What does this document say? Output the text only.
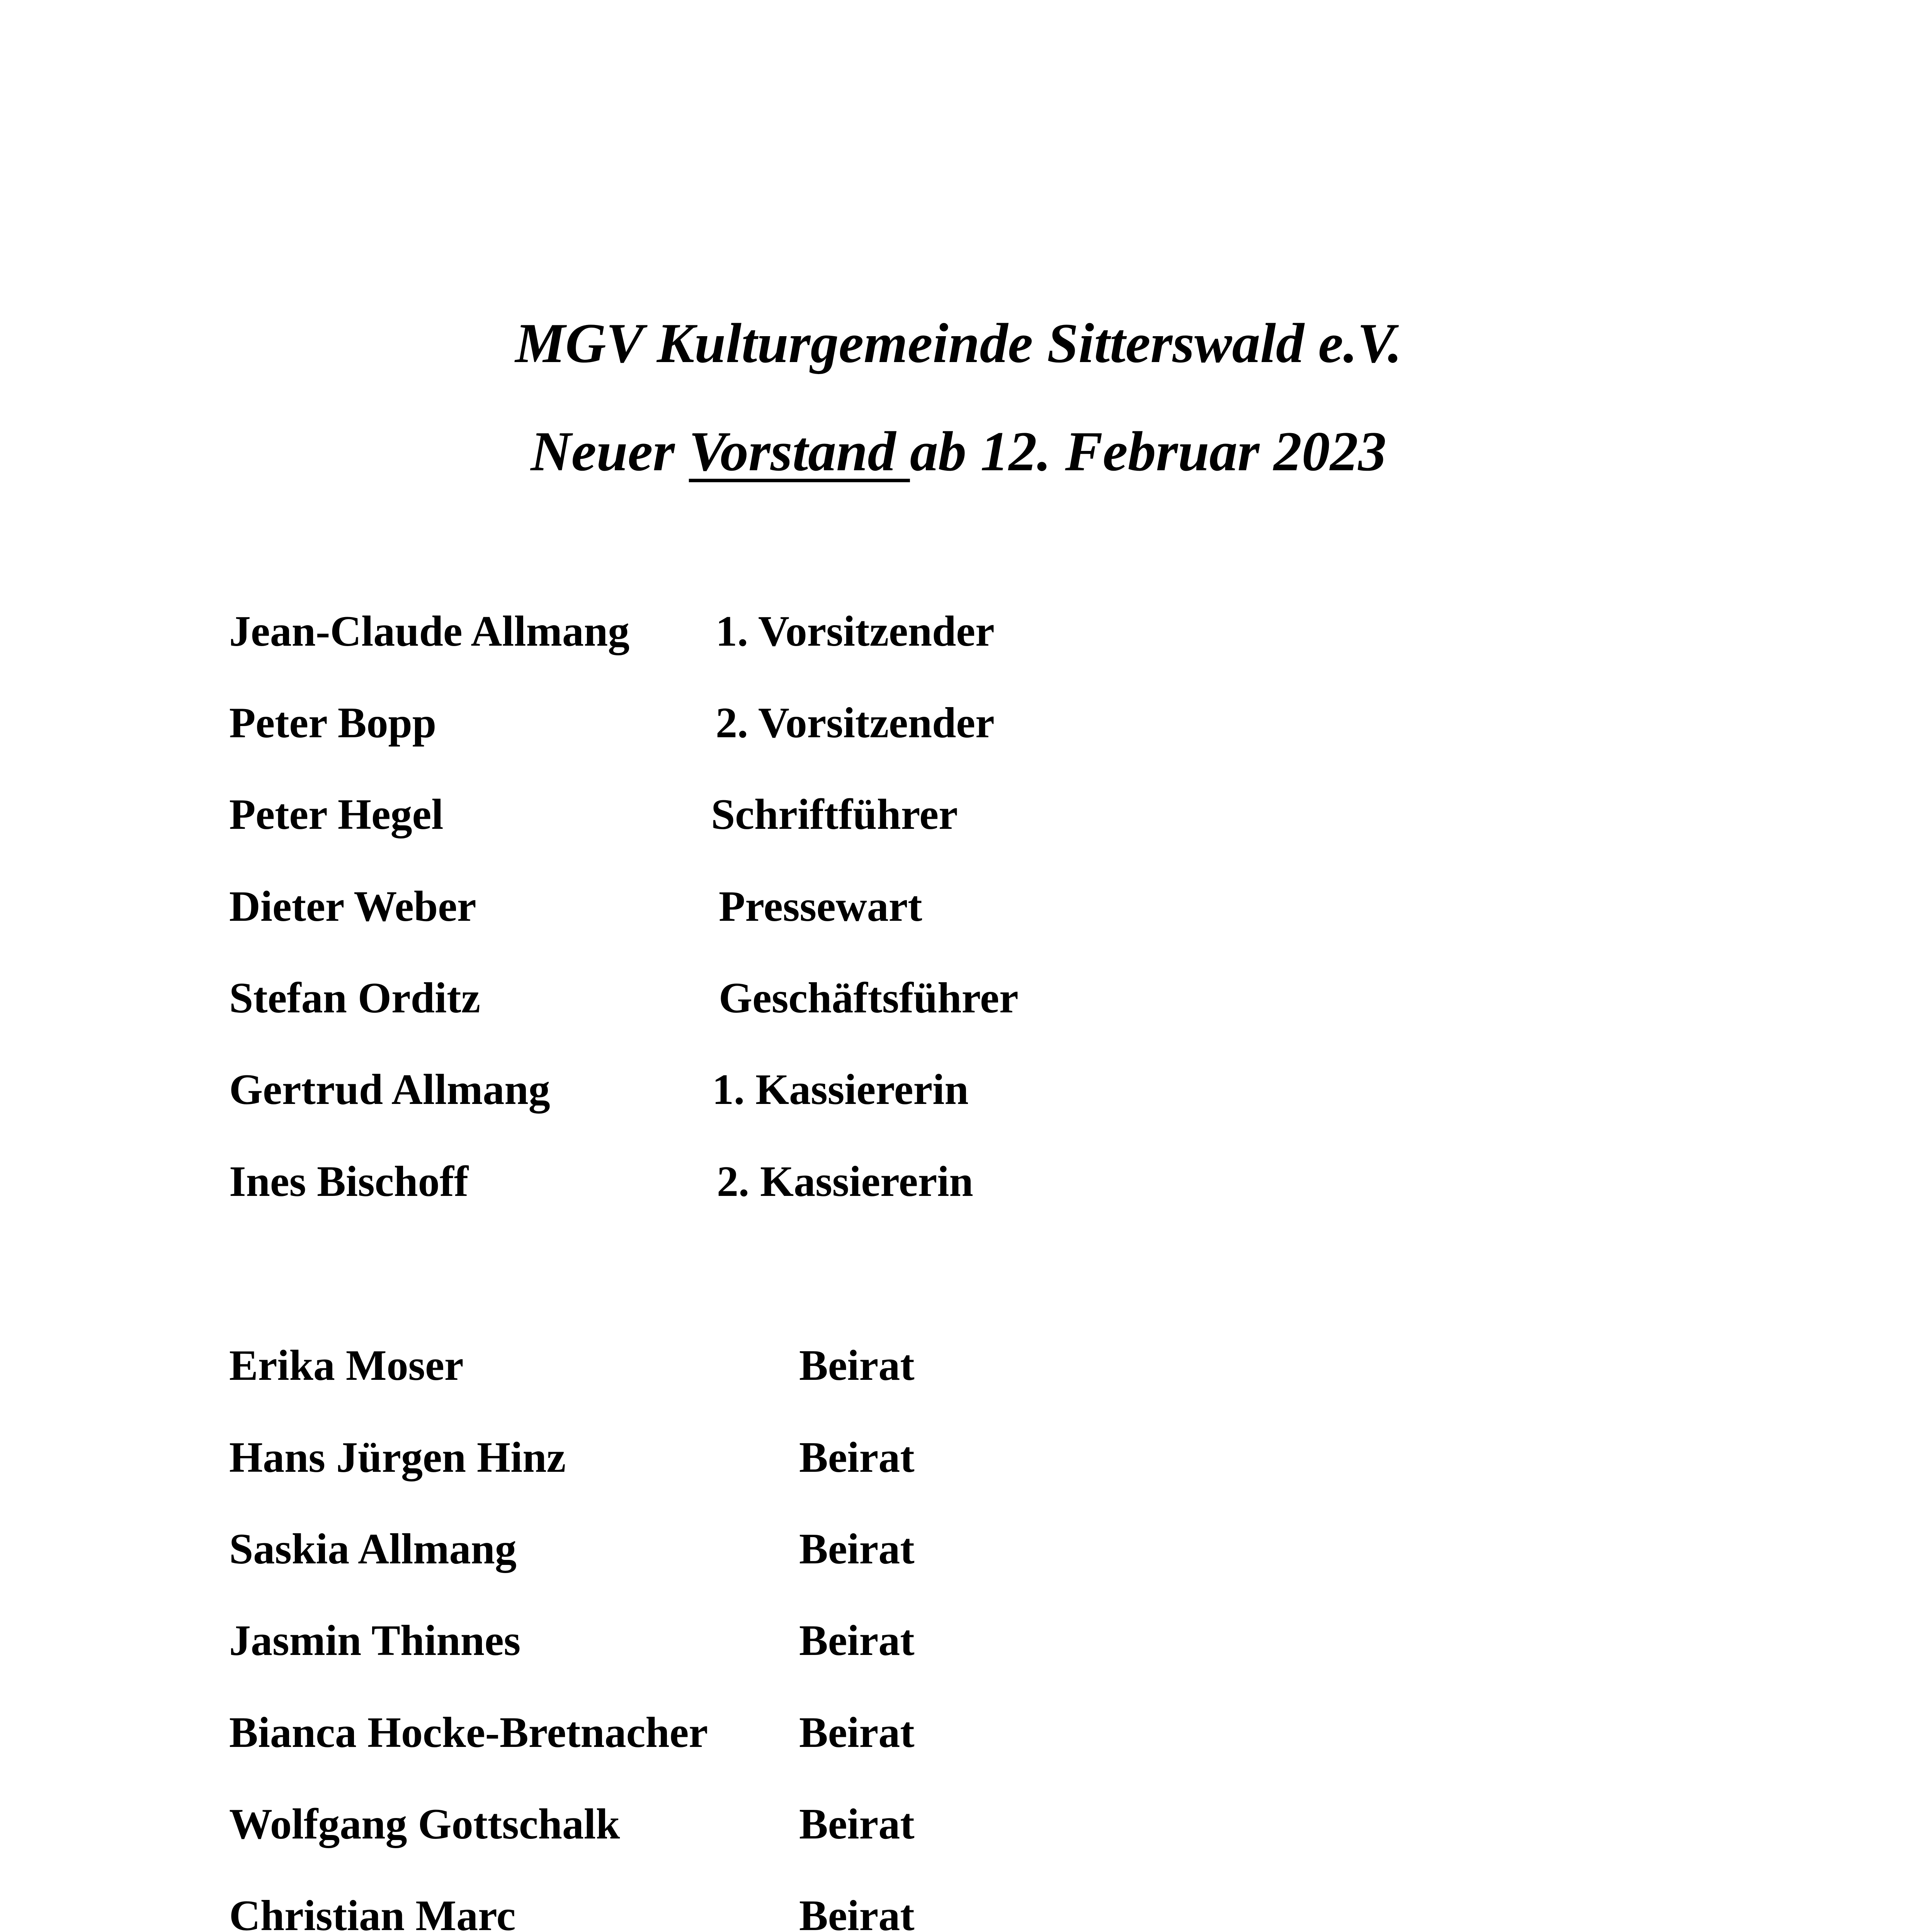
MGV Kulturgemeinde Sitterswald e.V.
Neuer Vorstand ab 12. Februar 2023
Jean-Claude Allmang 1. Vorsitzender
Peter Bopp	2. Vorsitzender
Peter Hegel	Schriftführer
Dieter Weber	Pressewart
Stefan Orditz	Geschäftsführer
Gertrud Allmang	1. Kassiererin
Ines Bischoff	2. Kassiererin
Erika Moser	Beirat
Hans Jürgen Hinz	Beirat
Saskia Allmang	Beirat
Jasmin Thinnes	Beirat
Bianca Hocke-Bretnacher Beirat
Wolfgang Gottschalk	Beirat
Christian Marc	Beirat
